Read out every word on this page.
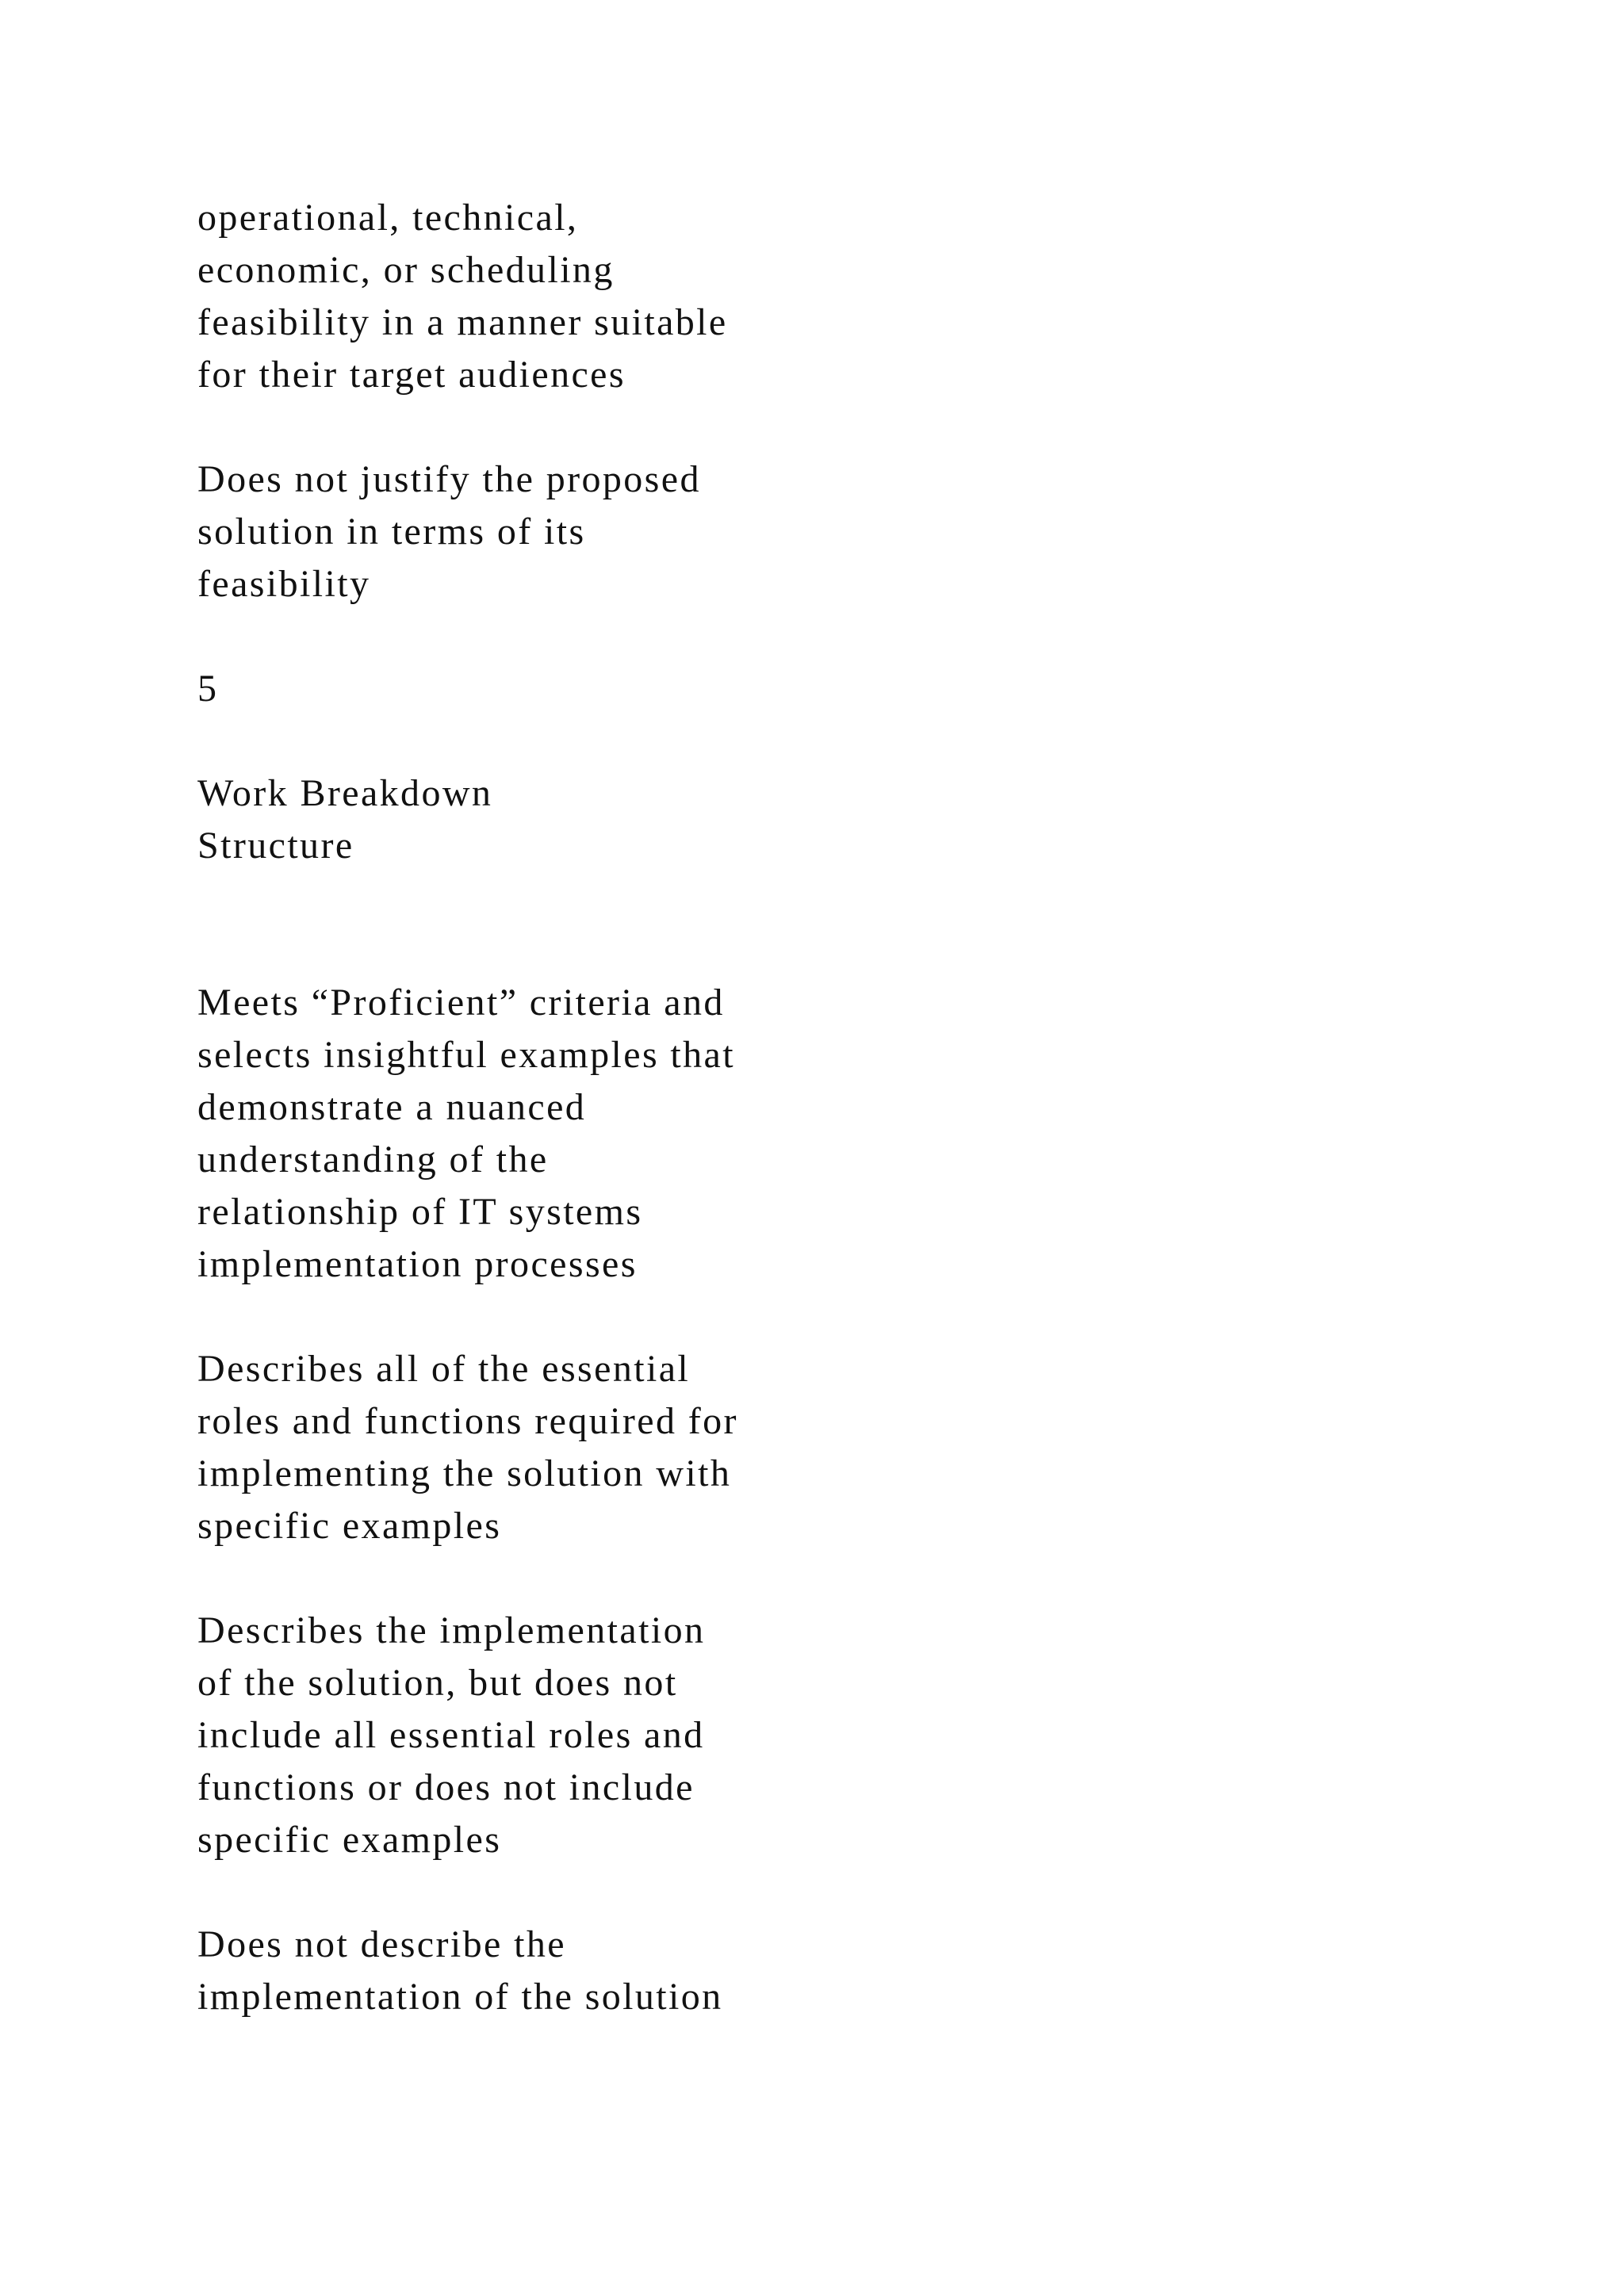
operational, technical,
economic, or scheduling
feasibility in a manner suitable
for their target audiences
Does not justify the proposed
solution in terms of its
feasibility
5
Work Breakdown
Structure
Meets “Proficient” criteria and
selects insightful examples that
demonstrate a nuanced
understanding of the
relationship of IT systems
implementation processes
Describes all of the essential
roles and functions required for
implementing the solution with
specific examples
Describes the implementation
of the solution, but does not
include all essential roles and
functions or does not include
specific examples
Does not describe the
implementation of the solution
